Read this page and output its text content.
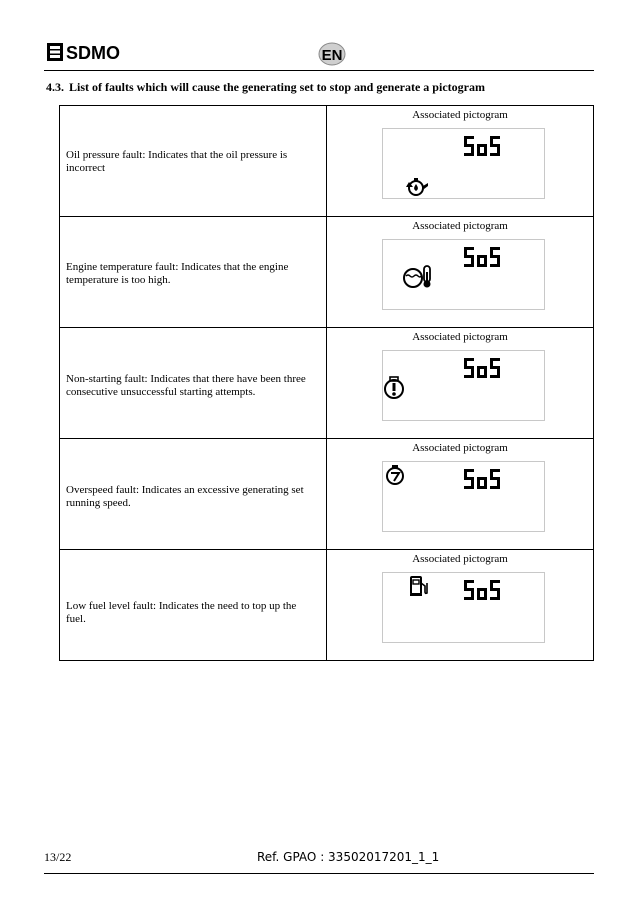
SDMO	EN
4.3. List of faults which will cause the generating set to stop and generate a pictogram
Oil pressure fault: Indicates that the oil pressure is incorrect	Associated pictogram

Engine temperature fault: Indicates that the engine temperature is too high.	Associated pictogram

Non-starting fault: Indicates that there have been three consecutive unsuccessful starting attempts.	Associated pictogram

Overspeed fault: Indicates an excessive generating set running speed.	Associated pictogram

Low fuel level fault: Indicates the need to top up the fuel.	Associated pictogram
13/22	Ref. GPAO : 33502017201_1_1
